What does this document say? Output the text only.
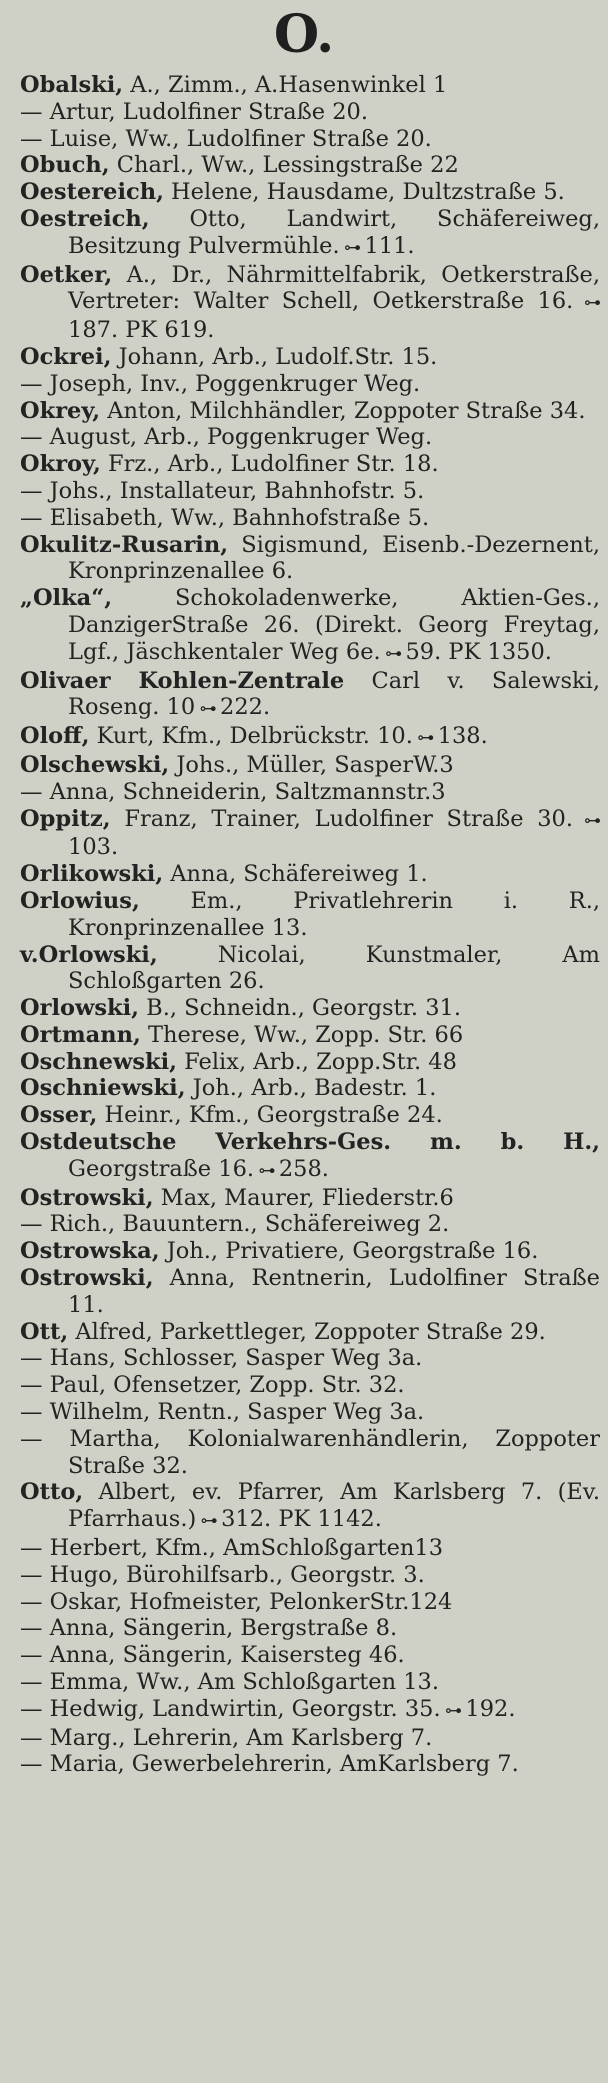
O.
Obalski, A., Zimm., A.Hasenwinkel 1
— Artur, Ludolfiner Straße 20.
— Luise, Ww., Ludolfiner Straße 20.
Obuch, Charl., Ww., Lessingstraße 22
Oestereich, Helene, Hausdame, Dultzstraße 5.
Oestreich, Otto, Landwirt, Schäfereiweg, Besitzung Pulvermühle. ⊶ 111.
Oetker, A., Dr., Nährmittelfabrik, Oetkerstraße, Vertreter: Walter Schell, Oetkerstraße 16. ⊶ 187. PK 619.
Ockrei, Johann, Arb., Ludolf.Str. 15.
— Joseph, Inv., Poggenkruger Weg.
Okrey, Anton, Milchhändler, Zoppoter Straße 34.
— August, Arb., Poggenkruger Weg.
Okroy, Frz., Arb., Ludolfiner Str. 18.
— Johs., Installateur, Bahnhofstr. 5.
— Elisabeth, Ww., Bahnhofstraße 5.
Okulitz-Rusarin, Sigismund, Eisenb.-Dezernent, Kronprinzenallee 6.
„Olka“, Schokoladenwerke, Aktien-Ges., DanzigerStraße 26. (Direkt. Georg Freytag, Lgf., Jäschkentaler Weg 6e. ⊶ 59. PK 1350.
Olivaer Kohlen-Zentrale Carl v. Salewski, Roseng. 10 ⊶ 222.
Oloff, Kurt, Kfm., Delbrückstr. 10. ⊶ 138.
Olschewski, Johs., Müller, SasperW.3
— Anna, Schneiderin, Saltzmannstr.3
Oppitz, Franz, Trainer, Ludolfiner Straße 30. ⊶ 103.
Orlikowski, Anna, Schäfereiweg 1.
Orlowius, Em., Privatlehrerin i. R., Kronprinzenallee 13.
v.Orlowski, Nicolai, Kunstmaler, Am Schloßgarten 26.
Orlowski, B., Schneidn., Georgstr. 31.
Ortmann, Therese, Ww., Zopp. Str. 66
Oschnewski, Felix, Arb., Zopp.Str. 48
Oschniewski, Joh., Arb., Badestr. 1.
Osser, Heinr., Kfm., Georgstraße 24.
Ostdeutsche Verkehrs-Ges. m. b. H., Georgstraße 16. ⊶ 258.
Ostrowski, Max, Maurer, Fliederstr.6
— Rich., Bauuntern., Schäfereiweg 2.
Ostrowska, Joh., Privatiere, Georgstraße 16.
Ostrowski, Anna, Rentnerin, Ludolfiner Straße 11.
Ott, Alfred, Parkettleger, Zoppoter Straße 29.
— Hans, Schlosser, Sasper Weg 3a.
— Paul, Ofensetzer, Zopp. Str. 32.
— Wilhelm, Rentn., Sasper Weg 3a.
— Martha, Kolonialwarenhändlerin, Zoppoter Straße 32.
Otto, Albert, ev. Pfarrer, Am Karlsberg 7. (Ev. Pfarrhaus.) ⊶ 312. PK 1142.
— Herbert, Kfm., AmSchloßgarten13
— Hugo, Bürohilfsarb., Georgstr. 3.
— Oskar, Hofmeister, PelonkerStr.124
— Anna, Sängerin, Bergstraße 8.
— Anna, Sängerin, Kaisersteg 46.
— Emma, Ww., Am Schloßgarten 13.
— Hedwig, Landwirtin, Georgstr. 35. ⊶ 192.
— Marg., Lehrerin, Am Karlsberg 7.
— Maria, Gewerbelehrerin, AmKarlsberg 7.
